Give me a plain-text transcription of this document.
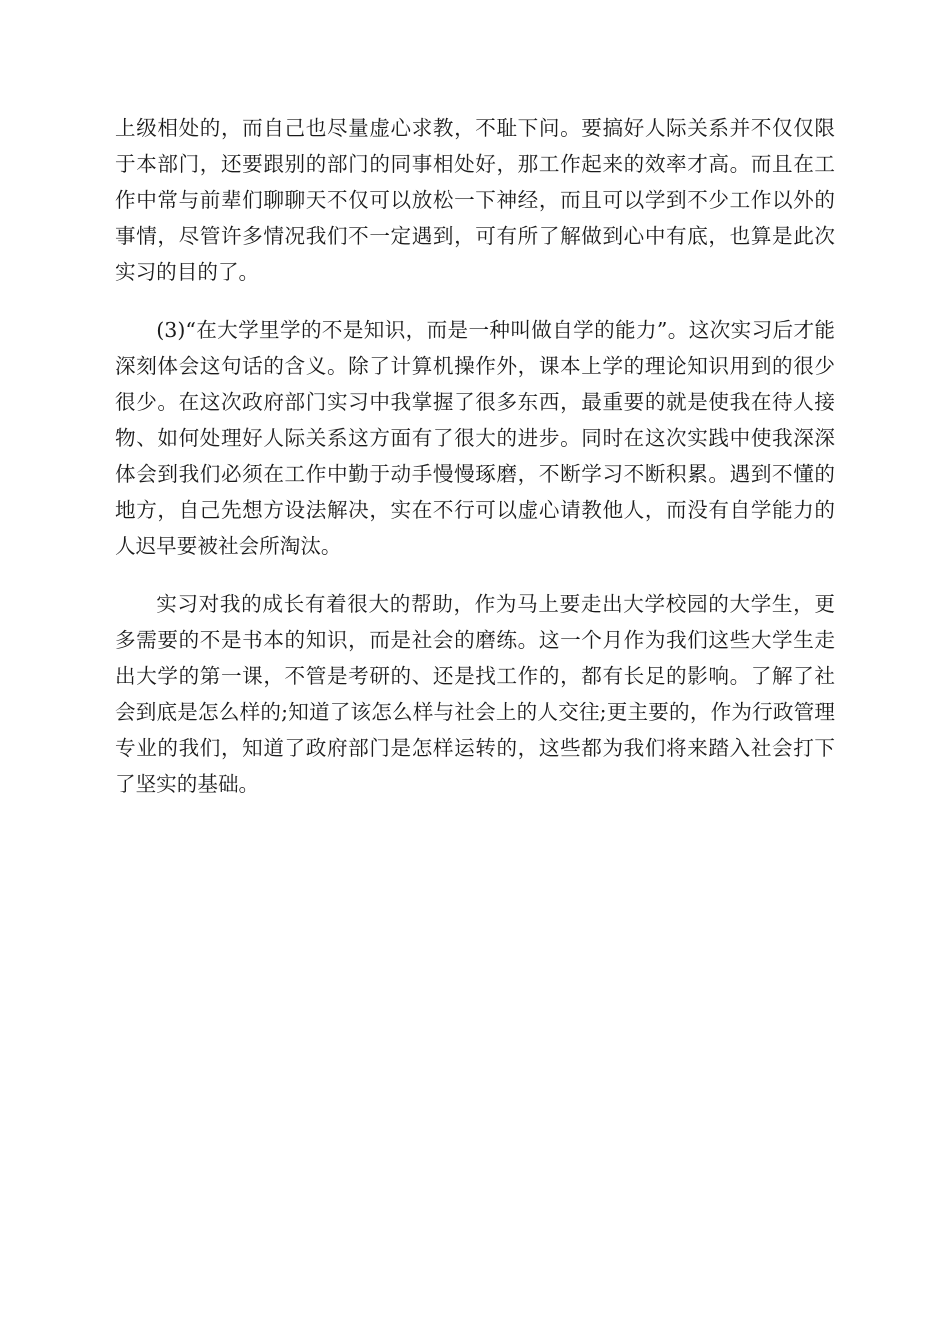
上级相处的，而自己也尽量虚心求教，不耻下问。要搞好人际关系并不仅仅限于本部门，还要跟别的部门的同事相处好，那工作起来的效率才高。而且在工作中常与前辈们聊聊天不仅可以放松一下神经，而且可以学到不少工作以外的事情，尽管许多情况我们不一定遇到，可有所了解做到心中有底，也算是此次实习的目的了。

(3)“在大学里学的不是知识，而是一种叫做自学的能力”。这次实习后才能深刻体会这句话的含义。除了计算机操作外，课本上学的理论知识用到的很少很少。在这次政府部门实习中我掌握了很多东西，最重要的就是使我在待人接物、如何处理好人际关系这方面有了很大的进步。同时在这次实践中使我深深体会到我们必须在工作中勤于动手慢慢琢磨，不断学习不断积累。遇到不懂的地方，自己先想方设法解决，实在不行可以虚心请教他人，而没有自学能力的人迟早要被社会所淘汰。

实习对我的成长有着很大的帮助，作为马上要走出大学校园的大学生，更多需要的不是书本的知识，而是社会的磨练。这一个月作为我们这些大学生走出大学的第一课，不管是考研的、还是找工作的，都有长足的影响。了解了社会到底是怎么样的;知道了该怎么样与社会上的人交往;更主要的，作为行政管理专业的我们，知道了政府部门是怎样运转的，这些都为我们将来踏入社会打下了坚实的基础。
